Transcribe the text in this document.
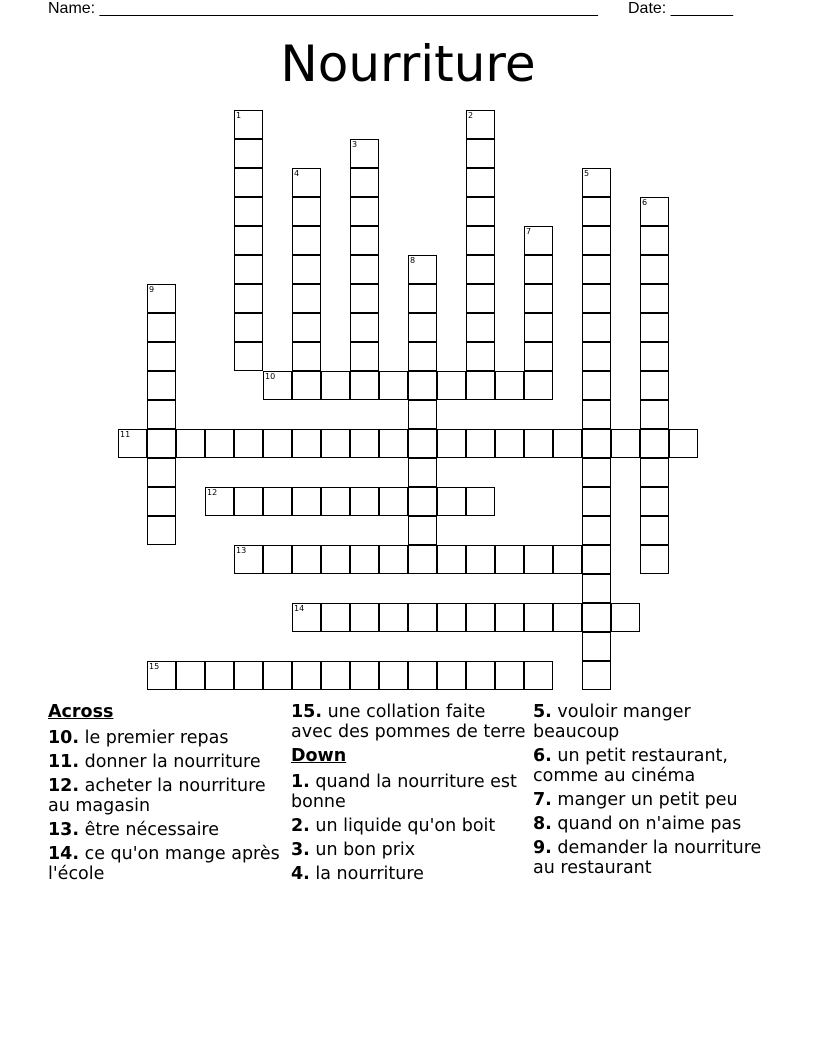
Name: ________________________________________________________ Date: _______
Nourriture
10
11
12
13
14
15
1	2
3
4	5
6
7
8
9
Across
10. le premier repas
11. donner la nourriture
12. acheter la nourriture au magasin
13. être nécessaire
14. ce qu'on mange après l'école
15. une collation faite avec des pommes de terre
Down
1. quand la nourriture est bonne
2. un liquide qu'on boit
3. un bon prix
4. la nourriture
5. vouloir manger beaucoup
6. un petit restaurant, comme au cinéma
7. manger un petit peu
8. quand on n'aime pas
9. demander la nourriture au restaurant
